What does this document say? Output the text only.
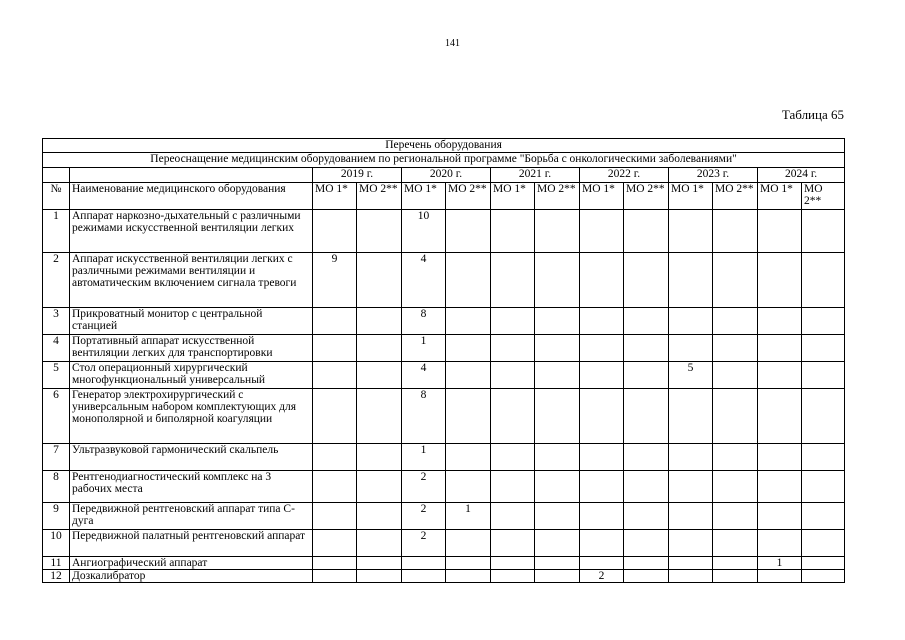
141
Таблица 65
Перечень оборудования													
Переоснащение медицинским оборудованием по региональной программе "Борьба с онкологическими заболеваниями"													
		2019 г.		2020 г.		2021 г.		2022 г.		2023 г.		2024 г.	
№	Наименование медицинского оборудования	МО 1*	МО 2**	МО 1*	МО 2**	МО 1*	МО 2**	МО 1*	МО 2**	МО 1*	МО 2**	МО 1*	МО 2**
1	Аппарат наркозно-дыхательный с различными режимами искусственной вентиляции легких			10									
2	Аппарат искусственной вентиляции легких с различными режимами вентиляции и автоматическим включением сигнала тревоги	9		4									
3	Прикроватный монитор с центральной станцией			8									
4	Портативный аппарат искусственной вентиляции легких для транспортировки			1									
5	Стол операционный хирургический многофункциональный универсальный			4						5			
6	Генератор электрохирургический с универсальным набором комплектующих для монополярной и биполярной коагуляции			8									
7	Ультразвуковой гармонический скальпель			1									
8	Рентгенодиагностический комплекс на 3 рабочих места			2									
9	Передвижной рентгеновский аппарат типа С-дуга			2	1								
10	Передвижной палатный рентгеновский аппарат			2									
11	Ангиографический аппарат											1	
12	Дозкалибратор							2					
